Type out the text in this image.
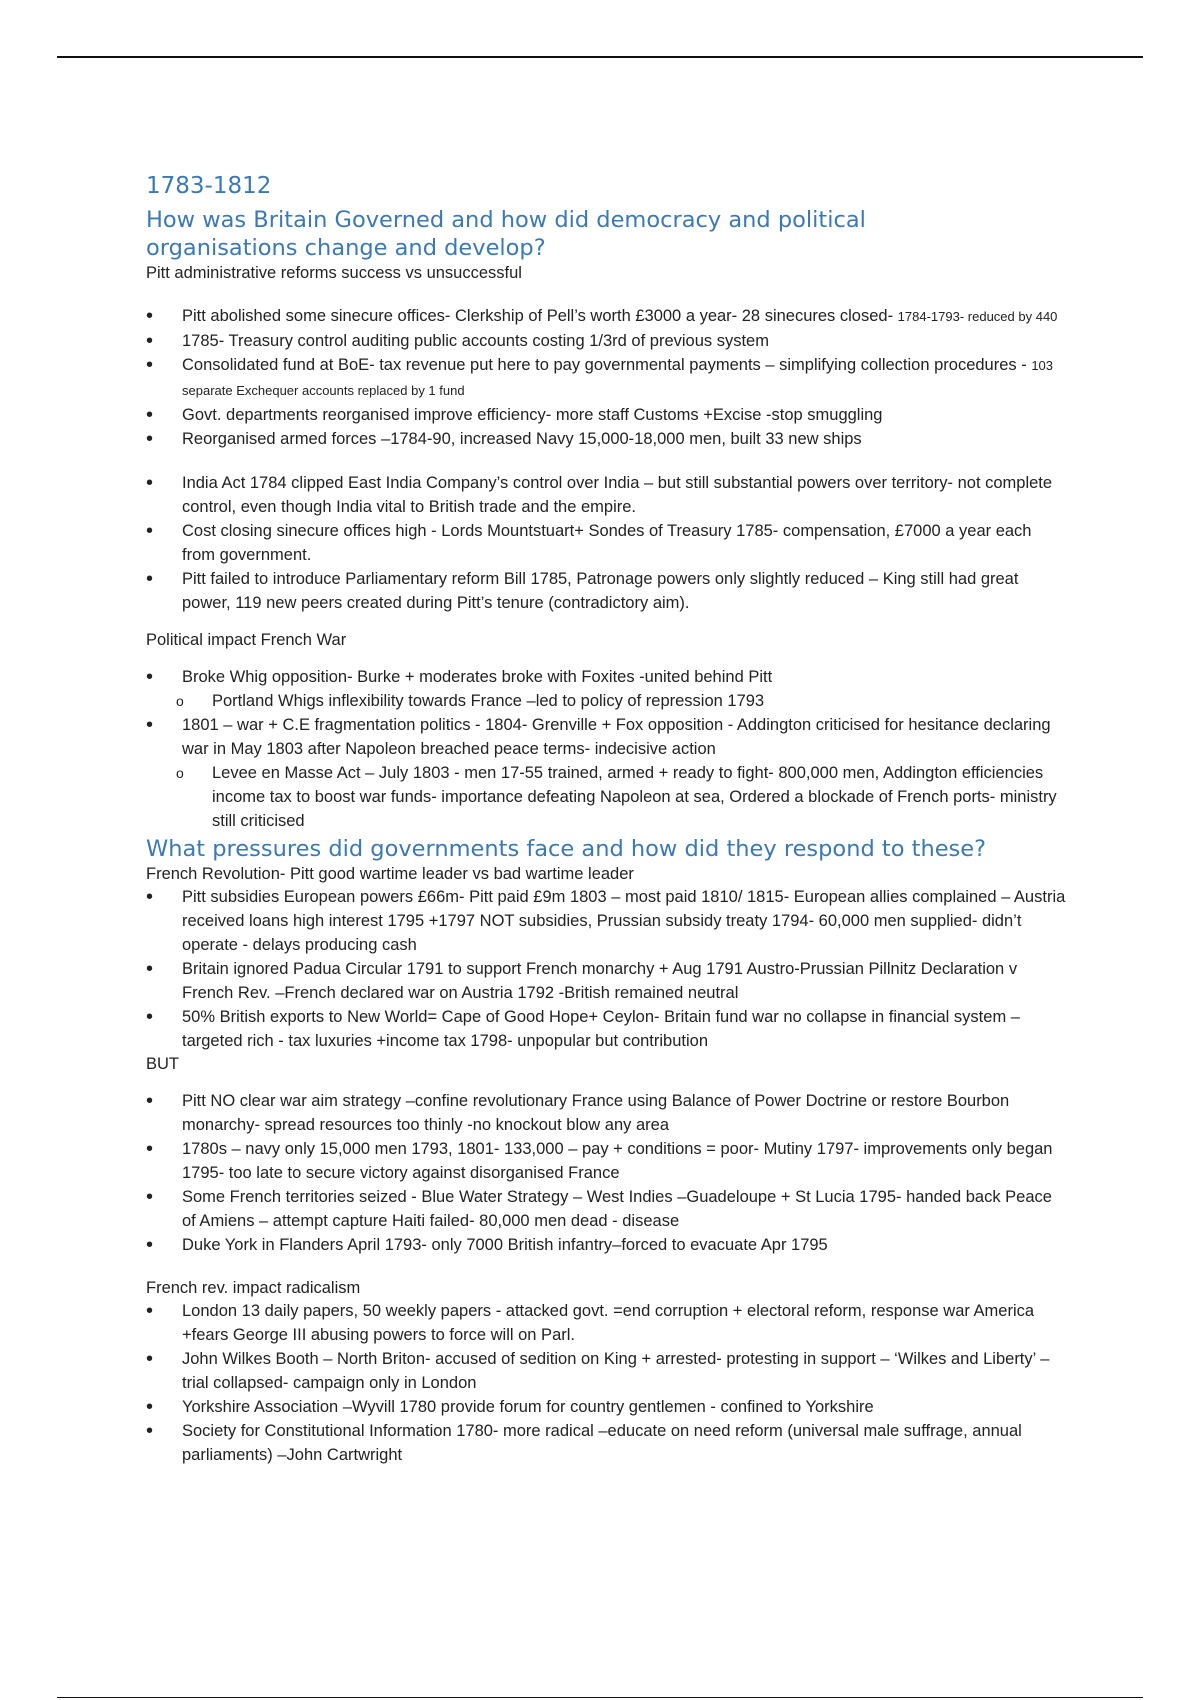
1783-1812
How was Britain Governed and how did democracy and political organisations change and develop?

Pitt administrative reforms success vs unsuccessful

• Pitt abolished some sinecure offices- Clerkship of Pell’s worth £3000 a year- 28 sinecures closed- 1784-1793- reduced by 440
• 1785- Treasury control auditing public accounts costing 1/3rd of previous system
• Consolidated fund at BoE- tax revenue put here to pay governmental payments – simplifying collection procedures - 103 separate Exchequer accounts replaced by 1 fund
• Govt. departments reorganised improve efficiency- more staff Customs +Excise -stop smuggling
• Reorganised armed forces –1784-90, increased Navy 15,000-18,000 men, built 33 new ships
• India Act 1784 clipped East India Company’s control over India – but still substantial powers over territory- not complete control, even though India vital to British trade and the empire.
• Cost closing sinecure offices high - Lords Mountstuart+ Sondes of Treasury 1785- compensation, £7000 a year each from government.
• Pitt failed to introduce Parliamentary reform Bill 1785, Patronage powers only slightly reduced – King still had great power, 119 new peers created during Pitt’s tenure (contradictory aim).

Political impact French War

• Broke Whig opposition- Burke + moderates broke with Foxites -united behind Pitt
o Portland Whigs inflexibility towards France –led to policy of repression 1793
• 1801 – war + C.E fragmentation politics - 1804- Grenville + Fox opposition - Addington criticised for hesitance declaring war in May 1803 after Napoleon breached peace terms- indecisive action
o Levee en Masse Act – July 1803 - men 17-55 trained, armed + ready to fight- 800,000 men, Addington efficiencies income tax to boost war funds- importance defeating Napoleon at sea, Ordered a blockade of French ports- ministry still criticised
What pressures did governments face and how did they respond to these?

French Revolution- Pitt good wartime leader vs bad wartime leader

• Pitt subsidies European powers £66m- Pitt paid £9m 1803 – most paid 1810/ 1815- European allies complained – Austria received loans high interest 1795 +1797 NOT subsidies, Prussian subsidy treaty 1794- 60,000 men supplied- didn’t operate - delays producing cash
• Britain ignored Padua Circular 1791 to support French monarchy + Aug 1791 Austro-Prussian Pillnitz Declaration v French Rev. –French declared war on Austria 1792 -British remained neutral
• 50% British exports to New World= Cape of Good Hope+ Ceylon- Britain fund war no collapse in financial system – targeted rich - tax luxuries +income tax 1798- unpopular but contribution

BUT

• Pitt NO clear war aim strategy –confine revolutionary France using Balance of Power Doctrine or restore Bourbon monarchy- spread resources too thinly -no knockout blow any area
• 1780s – navy only 15,000 men 1793, 1801- 133,000 – pay + conditions = poor- Mutiny 1797- improvements only began 1795- too late to secure victory against disorganised France
• Some French territories seized - Blue Water Strategy – West Indies –Guadeloupe + St Lucia 1795- handed back Peace of Amiens – attempt capture Haiti failed- 80,000 men dead - disease
• Duke York in Flanders April 1793- only 7000 British infantry–forced to evacuate Apr 1795

French rev. impact radicalism

• London 13 daily papers, 50 weekly papers - attacked govt. =end corruption + electoral reform, response war America +fears George III abusing powers to force will on Parl.
• John Wilkes Booth – North Briton- accused of sedition on King + arrested- protesting in support – ‘Wilkes and Liberty’ – trial collapsed- campaign only in London
• Yorkshire Association –Wyvill 1780 provide forum for country gentlemen - confined to Yorkshire
• Society for Constitutional Information 1780- more radical –educate on need reform (universal male suffrage, annual parliaments) –John Cartwright
